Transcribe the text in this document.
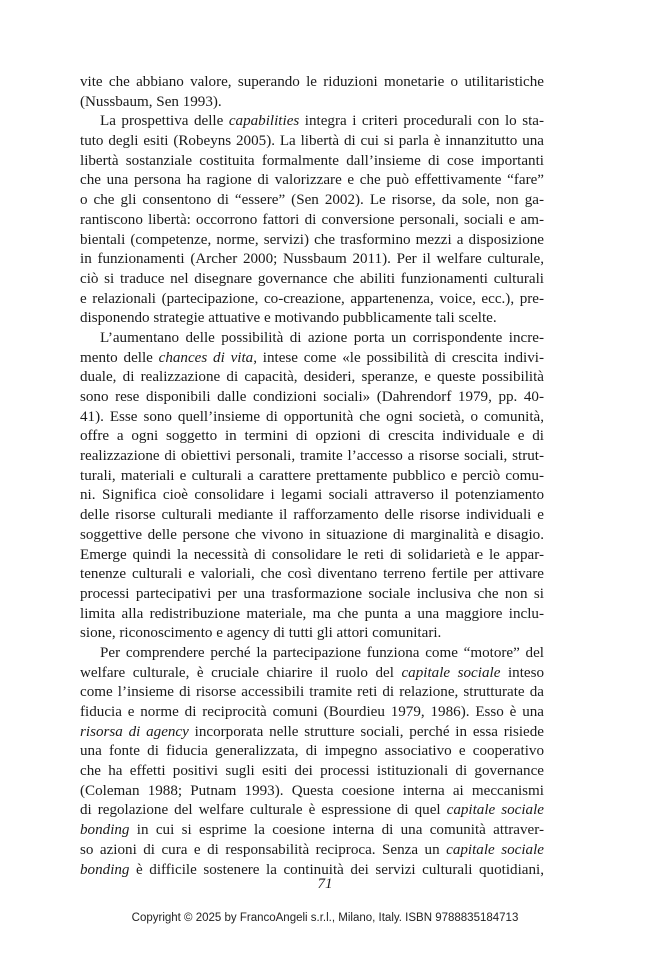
vite che abbiano valore, superando le riduzioni monetarie o utilitaristiche
(Nussbaum, Sen 1993).
La prospettiva delle capabilities integra i criteri procedurali con lo sta-
tuto degli esiti (Robeyns 2005). La libertà di cui si parla è innanzitutto una
libertà sostanziale costituita formalmente dall’insieme di cose importanti
che una persona ha ragione di valorizzare e che può effettivamente “fare”
o che gli consentono di “essere” (Sen 2002). Le risorse, da sole, non ga-
rantiscono libertà: occorrono fattori di conversione personali, sociali e am-
bientali (competenze, norme, servizi) che trasformino mezzi a disposizione
in funzionamenti (Archer 2000; Nussbaum 2011). Per il welfare culturale,
ciò si traduce nel disegnare governance che abiliti funzionamenti culturali
e relazionali (partecipazione, co-creazione, appartenenza, voice, ecc.), pre-
disponendo strategie attuative e motivando pubblicamente tali scelte.
L’aumentano delle possibilità di azione porta un corrispondente incre-
mento delle chances di vita, intese come «le possibilità di crescita indivi-
duale, di realizzazione di capacità, desideri, speranze, e queste possibilità
sono rese disponibili dalle condizioni sociali» (Dahrendorf 1979, pp. 40-
41). Esse sono quell’insieme di opportunità che ogni società, o comunità,
offre a ogni soggetto in termini di opzioni di crescita individuale e di
realizzazione di obiettivi personali, tramite l’accesso a risorse sociali, strut-
turali, materiali e culturali a carattere prettamente pubblico e perciò comu-
ni. Significa cioè consolidare i legami sociali attraverso il potenziamento
delle risorse culturali mediante il rafforzamento delle risorse individuali e
soggettive delle persone che vivono in situazione di marginalità e disagio.
Emerge quindi la necessità di consolidare le reti di solidarietà e le appar-
tenenze culturali e valoriali, che così diventano terreno fertile per attivare
processi partecipativi per una trasformazione sociale inclusiva che non si
limita alla redistribuzione materiale, ma che punta a una maggiore inclu-
sione, riconoscimento e agency di tutti gli attori comunitari.
Per comprendere perché la partecipazione funziona come “motore” del
welfare culturale, è cruciale chiarire il ruolo del capitale sociale inteso
come l’insieme di risorse accessibili tramite reti di relazione, strutturate da
fiducia e norme di reciprocità comuni (Bourdieu 1979, 1986). Esso è una
risorsa di agency incorporata nelle strutture sociali, perché in essa risiede
una fonte di fiducia generalizzata, di impegno associativo e cooperativo
che ha effetti positivi sugli esiti dei processi istituzionali di governance
(Coleman 1988; Putnam 1993). Questa coesione interna ai meccanismi
di regolazione del welfare culturale è espressione di quel capitale sociale
bonding in cui si esprime la coesione interna di una comunità attraver-
so azioni di cura e di responsabilità reciproca. Senza un capitale sociale
bonding è difficile sostenere la continuità dei servizi culturali quotidiani,
71
Copyright © 2025 by FrancoAngeli s.r.l., Milano, Italy. ISBN 9788835184713
